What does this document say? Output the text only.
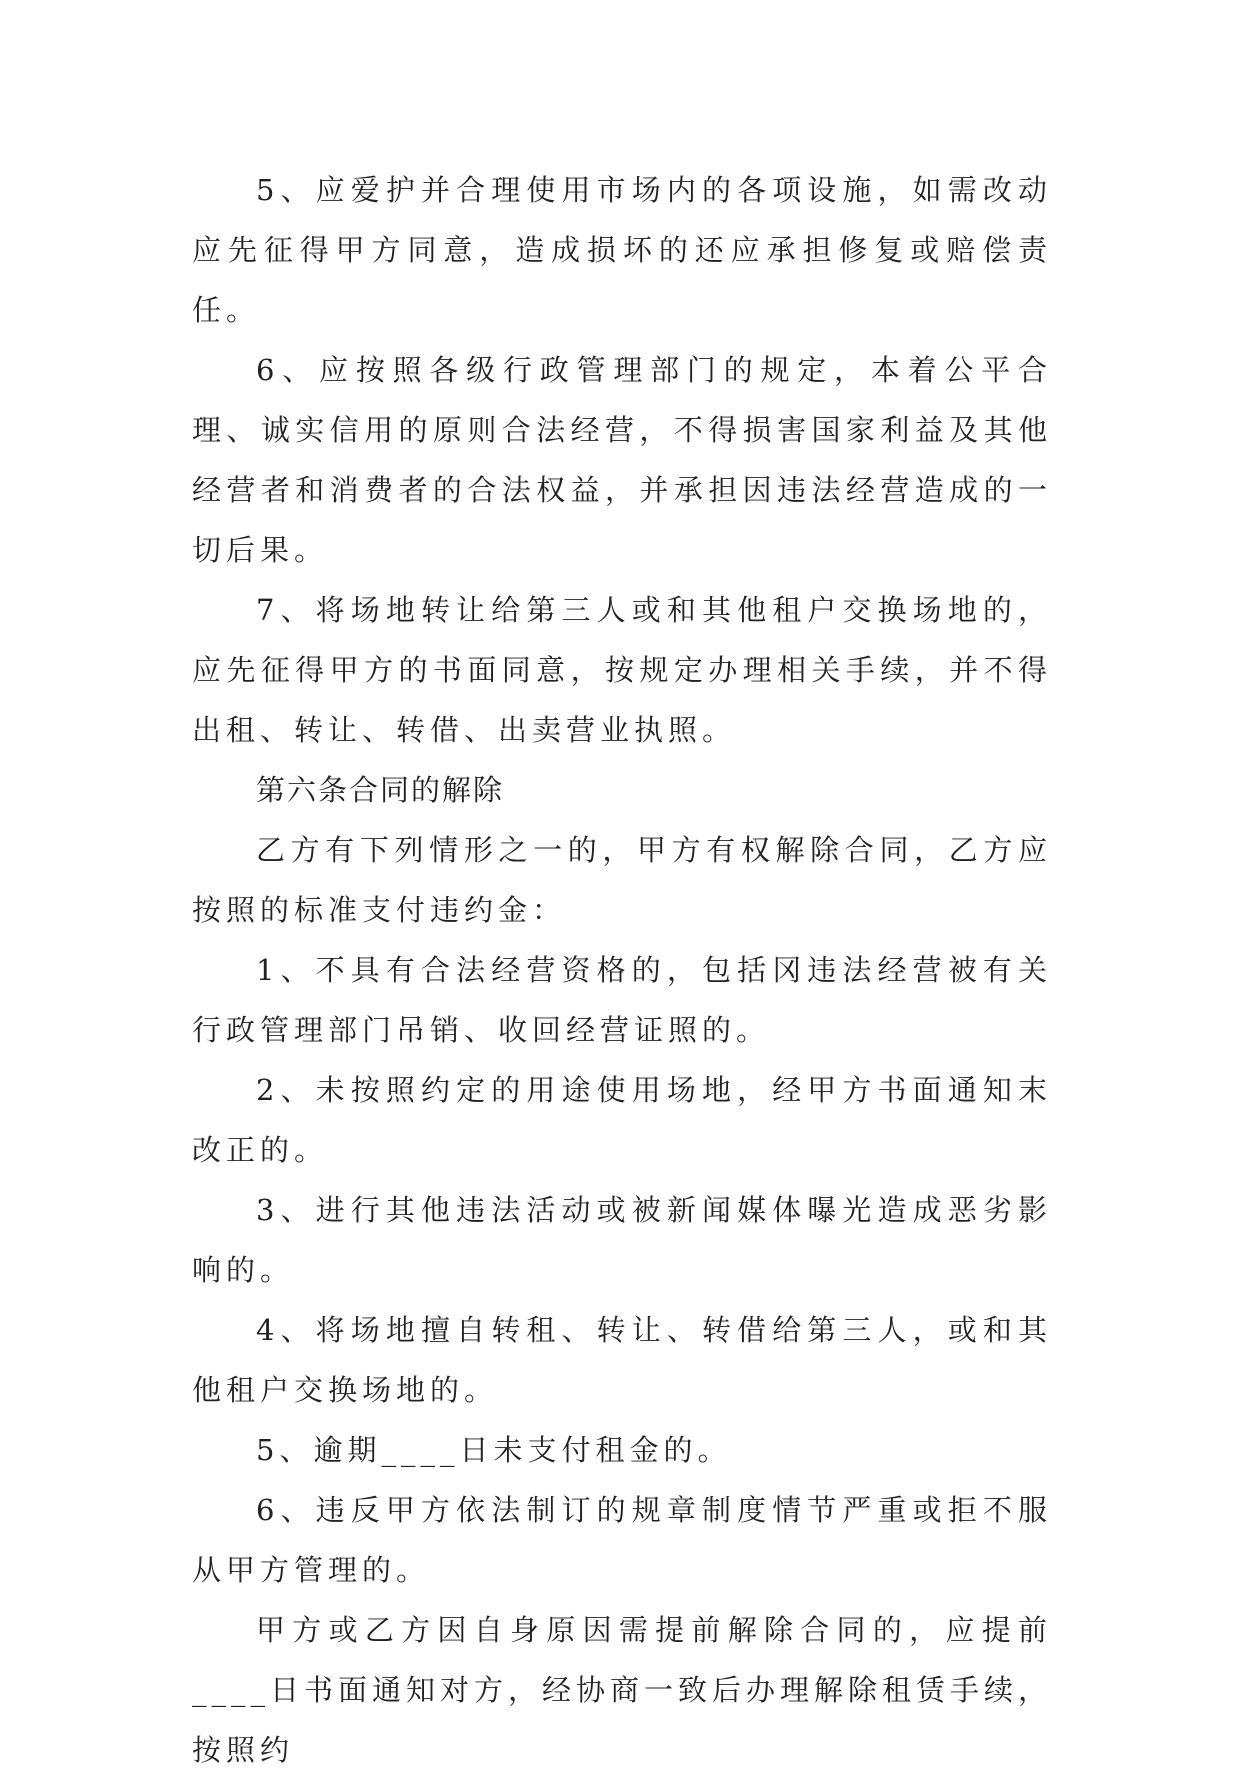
5、应爱护并合理使用市场内的各项设施，如需改动应先征得甲方同意，造成损坏的还应承担修复或赔偿责任。

6、应按照各级行政管理部门的规定，本着公平合理、诚实信用的原则合法经营，不得损害国家利益及其他经营者和消费者的合法权益，并承担因违法经营造成的一切后果。

7、将场地转让给第三人或和其他租户交换场地的，应先征得甲方的书面同意，按规定办理相关手续，并不得出租、转让、转借、出卖营业执照。

第六条合同的解除

乙方有下列情形之一的，甲方有权解除合同，乙方应按照的标准支付违约金：

1、不具有合法经营资格的，包括冈违法经营被有关行政管理部门吊销、收回经营证照的。

2、未按照约定的用途使用场地，经甲方书面通知末改正的。

3、进行其他违法活动或被新闻媒体曝光造成恶劣影响的。

4、将场地擅自转租、转让、转借给第三人，或和其他租户交换场地的。

5、逾期____日未支付租金的。

6、违反甲方依法制订的规章制度情节严重或拒不服从甲方管理的。

甲方或乙方因自身原因需提前解除合同的，应提前____日书面通知对方，经协商一致后办理解除租赁手续，按照约
